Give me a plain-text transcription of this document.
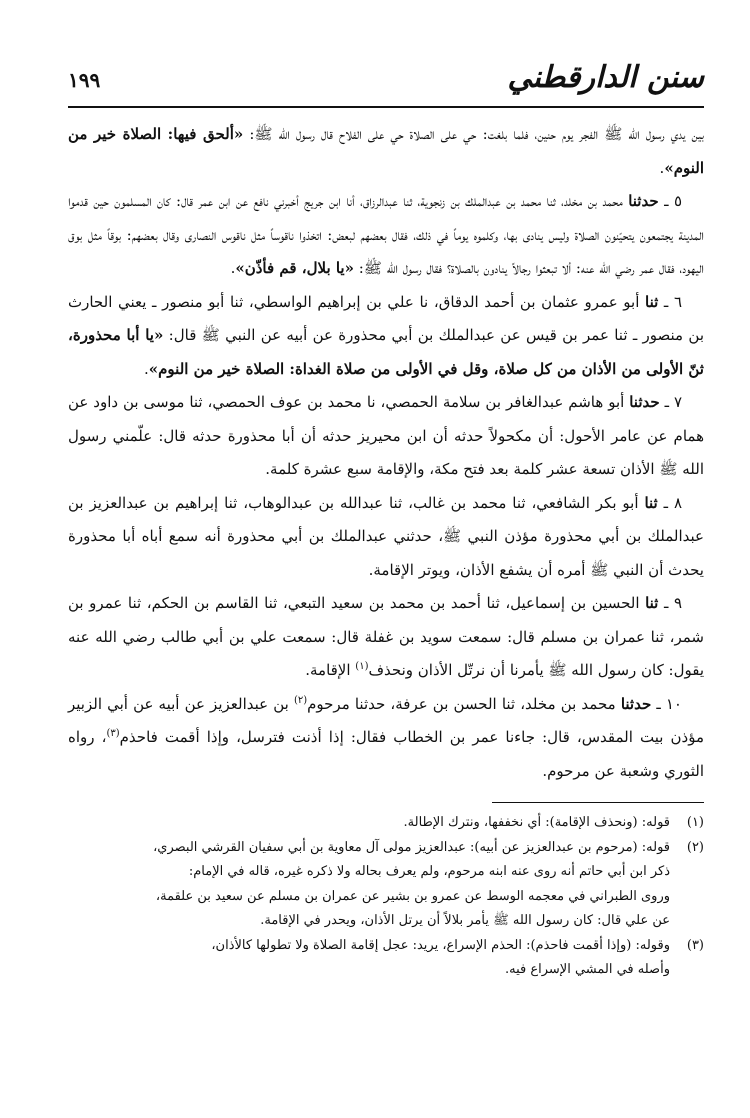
سنن الدارقطني
١٩٩

بين يدي رسول الله ﷺ الفجر يوم حنين، فلما بلغت: حي على الصلاة حي على الفلاح قال رسول الله ﷺ: «ألحق فيها: الصلاة خير من النوم».

٥ ـ حدثنا محمد بن مخلد، ثنا محمد بن عبدالملك بن زنجوية، ثنا عبدالرزاق، أنا ابن جريج أخبرني نافع عن ابن عمر قال: كان المسلمون حين قدموا المدينة يجتمعون يتحيّنون الصلاة وليس ينادى بها، وكلموه يوماً في ذلك، فقال بعضهم لبعض: اتخذوا ناقوساً مثل ناقوس النصارى وقال بعضهم: بوقاً مثل بوق اليهود، فقال عمر رضي الله عنه: ألا تبعثوا رجالاً ينادون بالصلاة؟ فقال رسول الله ﷺ: «يا بلال، قم فأذّن».

٦ ـ ثنا أبو عمرو عثمان بن أحمد الدقاق، نا علي بن إبراهيم الواسطي، ثنا أبو منصور ـ يعني الحارث بن منصور ـ ثنا عمر بن قيس عن عبدالملك بن أبي محذورة عن أبيه عن النبي ﷺ قال: «يا أبا محذورة، ثنّ الأولى من الأذان من كل صلاة، وقل في الأولى من صلاة الغداة: الصلاة خير من النوم».

٧ ـ حدثنا أبو هاشم عبدالغافر بن سلامة الحمصي، نا محمد بن عوف الحمصي، ثنا موسى بن داود عن همام عن عامر الأحول: أن مكحولاً حدثه أن ابن محيريز حدثه أن أبا محذورة حدثه قال: علّمني رسول الله ﷺ الأذان تسعة عشر كلمة بعد فتح مكة، والإقامة سبع عشرة كلمة.

٨ ـ ثنا أبو بكر الشافعي، ثنا محمد بن غالب، ثنا عبدالله بن عبدالوهاب، ثنا إبراهيم بن عبدالعزيز بن عبدالملك بن أبي محذورة مؤذن النبي ﷺ، حدثني عبدالملك بن أبي محذورة أنه سمع أباه أبا محذورة يحدث أن النبي ﷺ أمره أن يشفع الأذان، ويوتر الإقامة.

٩ ـ ثنا الحسين بن إسماعيل، ثنا أحمد بن محمد بن سعيد التبعي، ثنا القاسم بن الحكم، ثنا عمرو بن شمر، ثنا عمران بن مسلم قال: سمعت سويد بن غفلة قال: سمعت علي بن أبي طالب رضي الله عنه يقول: كان رسول الله ﷺ يأمرنا أن نرتّل الأذان ونحذف$^{(١)}$ الإقامة.

١٠ ـ حدثنا محمد بن مخلد، ثنا الحسن بن عرفة، حدثنا مرحوم$^{(٢)}$ بن عبدالعزيز عن أبيه عن أبي الزبير مؤذن بيت المقدس، قال: جاءنا عمر بن الخطاب فقال: إذا أذنت فترسل، وإذا أقمت فاحذم$^{(٣)}$، رواه الثوري وشعبة عن مرحوم.

(١)
قوله: (ونحذف الإقامة): أي نخففها، ونترك الإطالة.
(٢)
قوله: (مرحوم بن عبدالعزيز عن أبيه): عبدالعزيز مولى آل معاوية بن أبي سفيان القرشي البصري،
ذكر ابن أبي حاتم أنه روى عنه ابنه مرحوم، ولم يعرف بحاله ولا ذكره غيره، قاله في الإمام:
وروى الطبراني في معجمه الوسط عن عمرو بن بشير عن عمران بن مسلم عن سعيد بن علقمة،
عن علي قال: كان رسول الله ﷺ يأمر بلالاً أن يرتل الأذان، ويحدر في الإقامة.
(٣)
وقوله: (وإذا أقمت فاحذم): الحذم الإسراع، يريد: عجل إقامة الصلاة ولا تطولها كالأذان،
وأصله في المشي الإسراع فيه.
